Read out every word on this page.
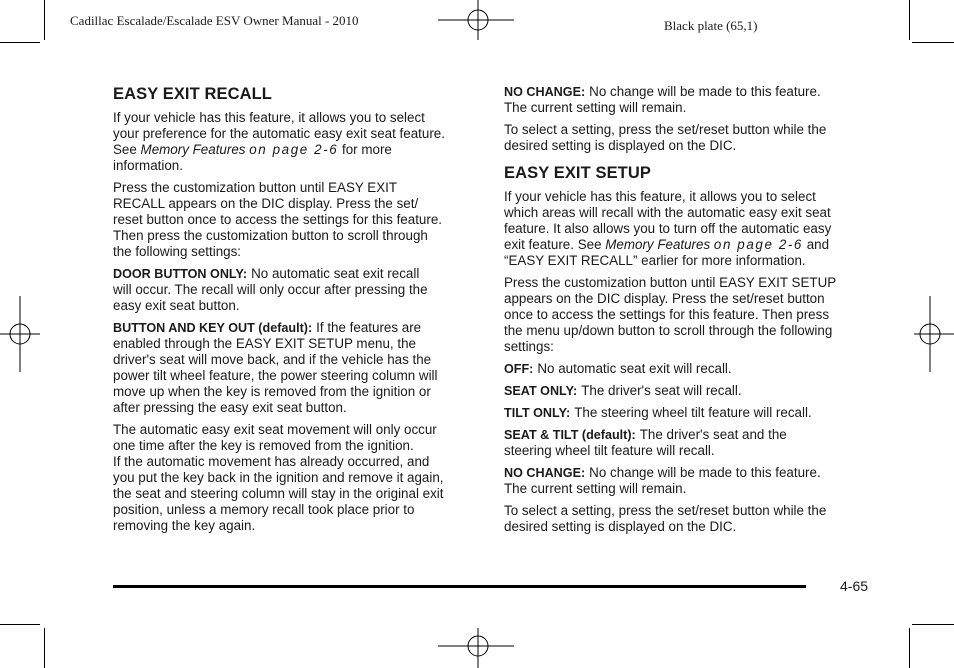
Cadillac Escalade/Escalade ESV Owner Manual - 2010	Black plate (65,1)
EASY EXIT RECALL
If your vehicle has this feature, it allows you to select
your preference for the automatic easy exit seat feature.
See Memory Features on page 2-6 for more
information.
Press the customization button until EASY EXIT
RECALL appears on the DIC display. Press the set/
reset button once to access the settings for this feature.
Then press the customization button to scroll through
the following settings:
DOOR BUTTON ONLY: No automatic seat exit recall
will occur. The recall will only occur after pressing the
easy exit seat button.
BUTTON AND KEY OUT (default): If the features are
enabled through the EASY EXIT SETUP menu, the
driver's seat will move back, and if the vehicle has the
power tilt wheel feature, the power steering column will
move up when the key is removed from the ignition or
after pressing the easy exit seat button.
The automatic easy exit seat movement will only occur
one time after the key is removed from the ignition.
If the automatic movement has already occurred, and
you put the key back in the ignition and remove it again,
the seat and steering column will stay in the original exit
position, unless a memory recall took place prior to
removing the key again.
NO CHANGE: No change will be made to this feature.
The current setting will remain.
To select a setting, press the set/reset button while the
desired setting is displayed on the DIC.
EASY EXIT SETUP
If your vehicle has this feature, it allows you to select
which areas will recall with the automatic easy exit seat
feature. It also allows you to turn off the automatic easy
exit feature. See Memory Features on page 2-6 and
“EASY EXIT RECALL” earlier for more information.
Press the customization button until EASY EXIT SETUP
appears on the DIC display. Press the set/reset button
once to access the settings for this feature. Then press
the menu up/down button to scroll through the following
settings:
OFF: No automatic seat exit will recall.
SEAT ONLY: The driver's seat will recall.
TILT ONLY: The steering wheel tilt feature will recall.
SEAT & TILT (default): The driver's seat and the
steering wheel tilt feature will recall.
NO CHANGE: No change will be made to this feature.
The current setting will remain.
To select a setting, press the set/reset button while the
desired setting is displayed on the DIC.
4-65
